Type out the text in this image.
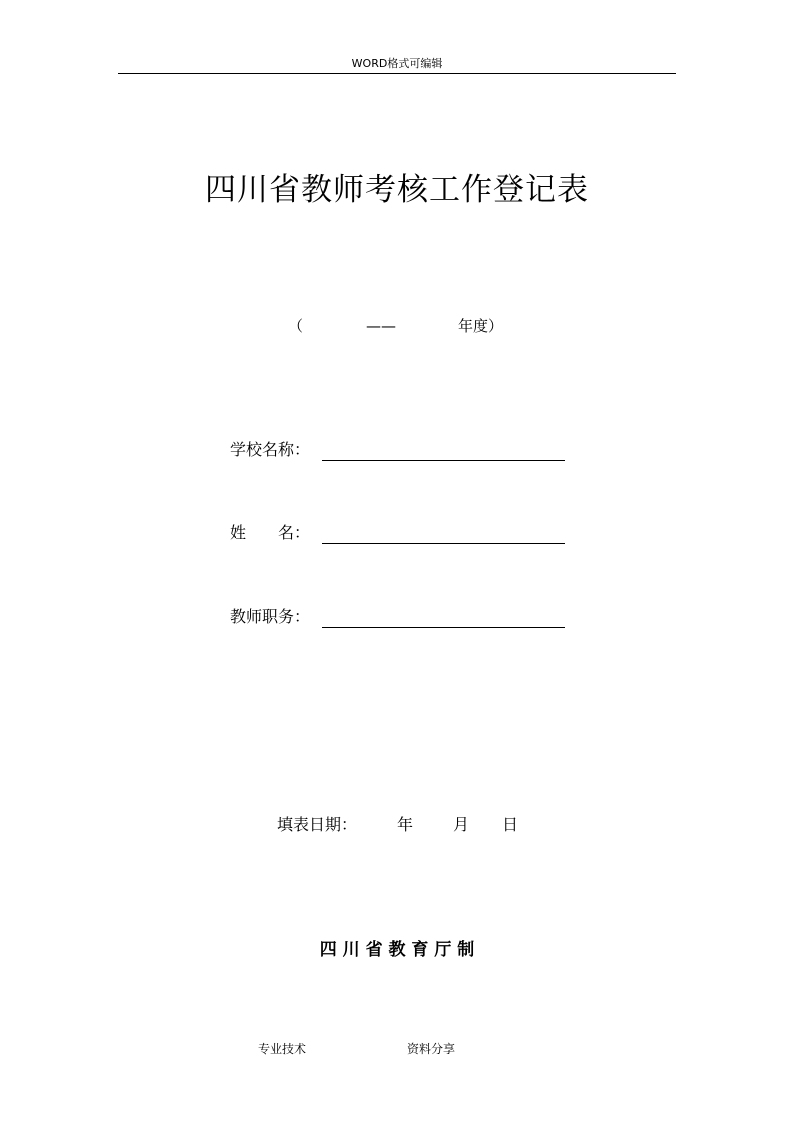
WORD格式可编辑
四川省教师考核工作登记表
（	——	年度）
学校名称：
姓　　名：
教师职务：
填表日期： 年 月 日
四 川 省 教 育 厅 制
专业技术	资料分享
